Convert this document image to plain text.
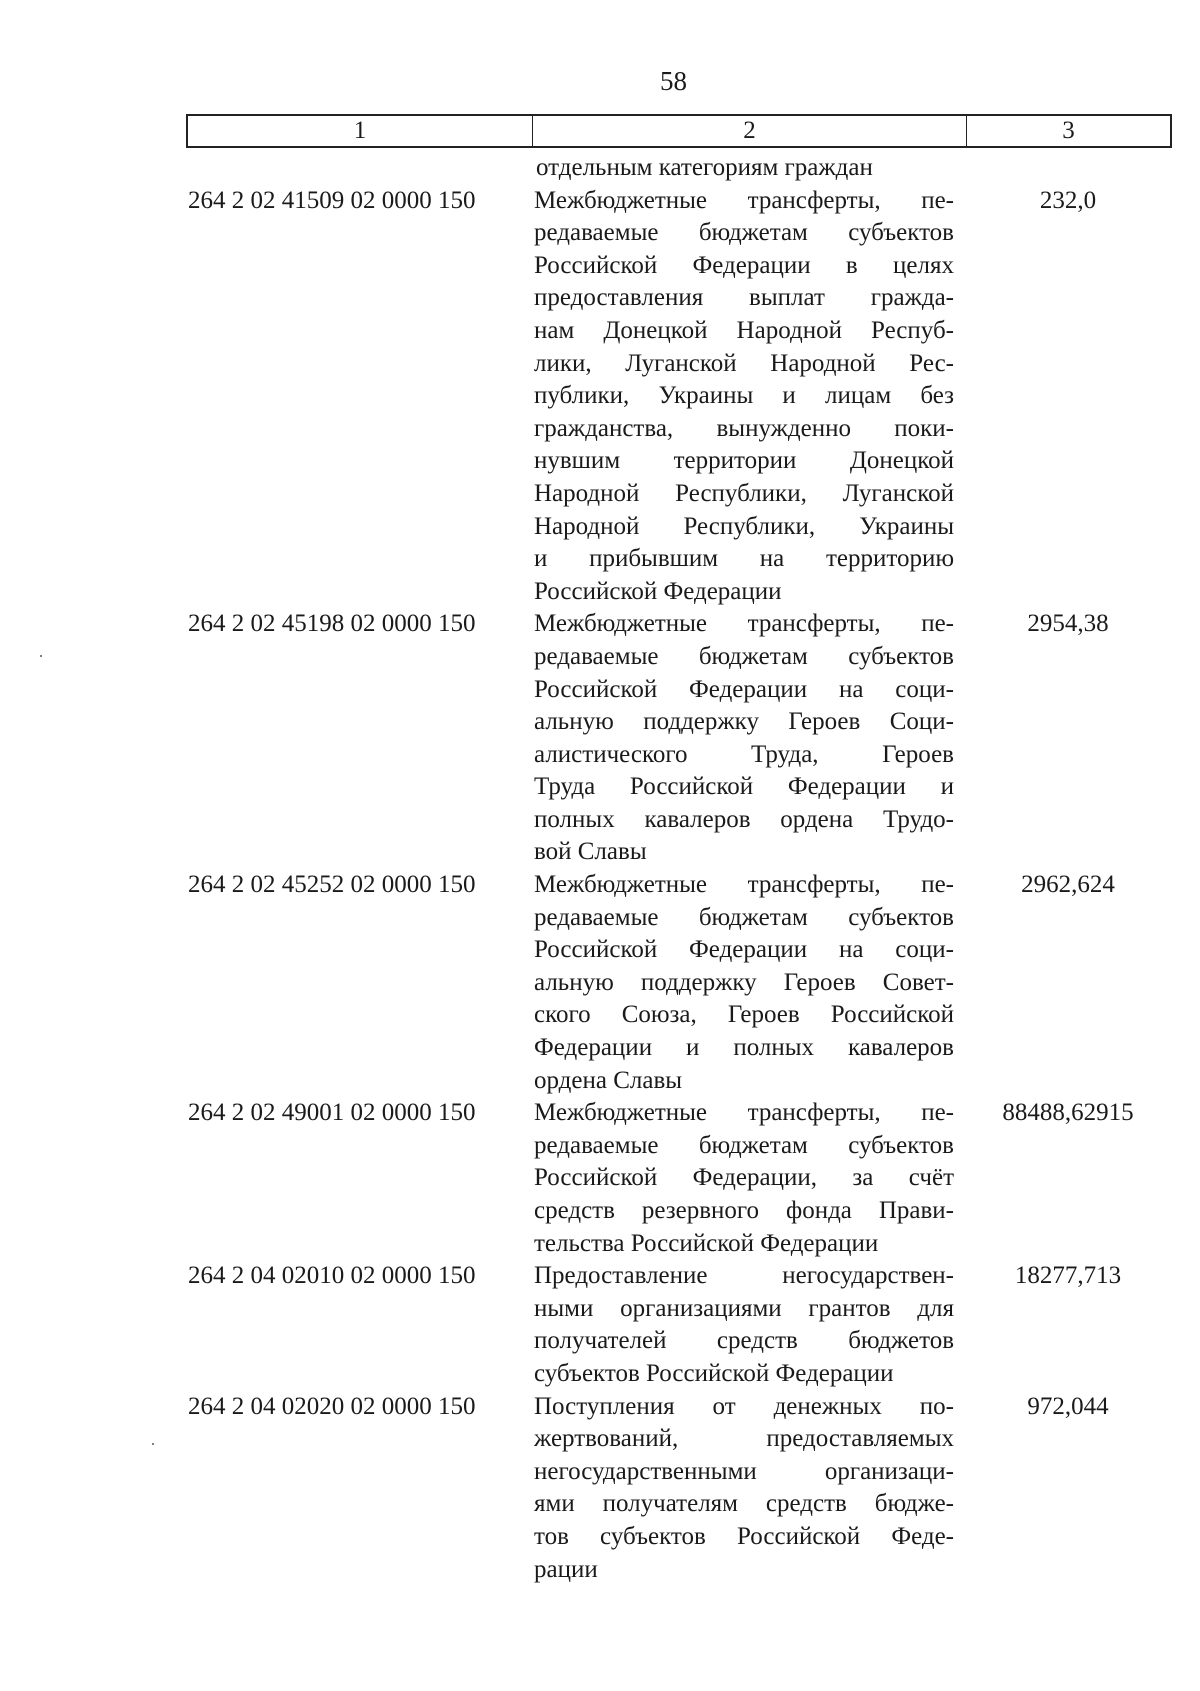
58
1	2	3
отдельным категориям граждан
264 2 02 41509 02 0000 150	Межбюджетные трансферты, пе-
редаваемые бюджетам субъектов
Российской Федерации в целях
предоставления выплат гражда-
нам Донецкой Народной Респуб-
лики, Луганской Народной Рес-
публики, Украины и лицам без
гражданства, вынужденно поки-
нувшим территории Донецкой
Народной Республики, Луганской
Народной Республики, Украины
и прибывшим на территорию
Российской Федерации
232,0
264 2 02 45198 02 0000 150	Межбюджетные трансферты, пе-
редаваемые бюджетам субъектов
Российской Федерации на соци-
альную поддержку Героев Соци-
алистического Труда, Героев
Труда Российской Федерации и
полных кавалеров ордена Трудо-
вой Славы
2954,38
264 2 02 45252 02 0000 150	Межбюджетные трансферты, пе-
редаваемые бюджетам субъектов
Российской Федерации на соци-
альную поддержку Героев Совет-
ского Союза, Героев Российской
Федерации и полных кавалеров
ордена Славы
2962,624
264 2 02 49001 02 0000 150	Межбюджетные трансферты, пе-
редаваемые бюджетам субъектов
Российской Федерации, за счёт
средств резервного фонда Прави-
тельства Российской Федерации
88488,62915
264 2 04 02010 02 0000 150	Предоставление негосударствен-
ными организациями грантов для
получателей средств бюджетов
субъектов Российской Федерации
18277,713
264 2 04 02020 02 0000 150	Поступления от денежных по-
жертвований, предоставляемых
негосударственными организаци-
ями получателям средств бюдже-
тов субъектов Российской Феде-
рации
972,044
